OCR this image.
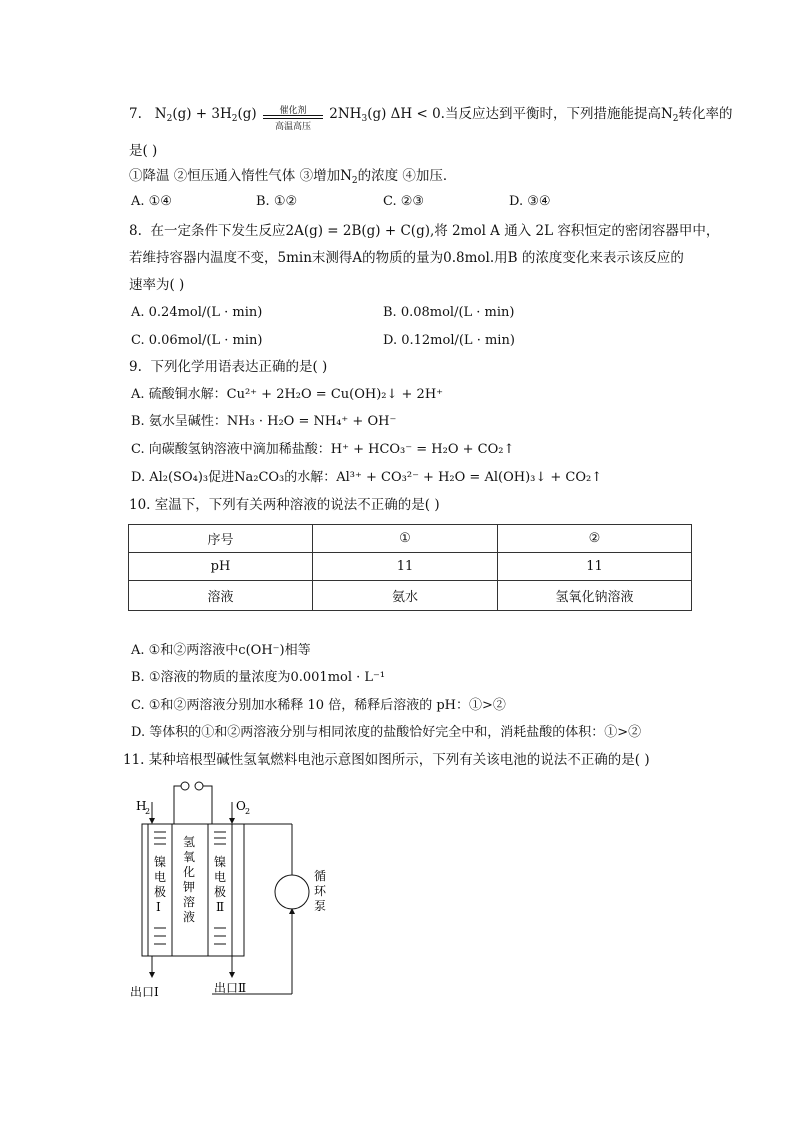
7. $N_2(g) + 3H_2(g)$	催化剂
高温高压
$2NH_3(g) \Delta H < 0$.当反应达到平衡时，下列措施能提高$N_2$转化率的
是( )
①降温 ②恒压通入惰性气体 ③增加$N_2$的浓度 ④加压．
A. ①④	B. ①②	C. ②③	D. ③④
8. 在一定条件下发生反应2A(g) = 2B(g) + C(g),将 2mol A 通入 2L 容积恒定的密闭容器甲中，
若维持容器内温度不变，5min末测得A的物质的量为0.8mol.用B 的浓度变化来表示该反应的
速率为( )
A. 0.24mol/(L · min)	B. 0.08mol/(L · min)
C. 0.06mol/(L · min)	D. 0.12mol/(L · min)
9. 下列化学用语表达正确的是( )
A. 硫酸铜水解：Cu²⁺ + 2H₂O = Cu(OH)₂↓ + 2H⁺
B. 氨水呈碱性：NH₃ · H₂O = NH₄⁺ + OH⁻
C. 向碳酸氢钠溶液中滴加稀盐酸：H⁺ + HCO₃⁻ = H₂O + CO₂↑
D. Al₂(SO₄)₃促进Na₂CO₃的水解：Al³⁺ + CO₃²⁻ + H₂O = Al(OH)₃↓ + CO₂↑
10. 室温下，下列有关两种溶液的说法不正确的是( )
序号	①	②
pH	11	11
溶液	氨水	氢氧化钠溶液
A. ①和②两溶液中c(OH⁻)相等
B. ①溶液的物质的量浓度为0.001mol · L⁻¹
C. ①和②两溶液分别加水稀释 10 倍，稀释后溶液的 pH：①>②
D. 等体积的①和②两溶液分别与相同浓度的盐酸恰好完全中和，消耗盐酸的体积：①>②
11. 某种培根型碱性氢氧燃料电池示意图如图所示，下列有关该电池的说法不正确的是( )
H
2	O 2
镍
电
极
Ⅰ
氢
氧
化
钾
溶
液
镍
电
极
Ⅱ
循
环
泵
出口Ⅰ	出口Ⅱ
